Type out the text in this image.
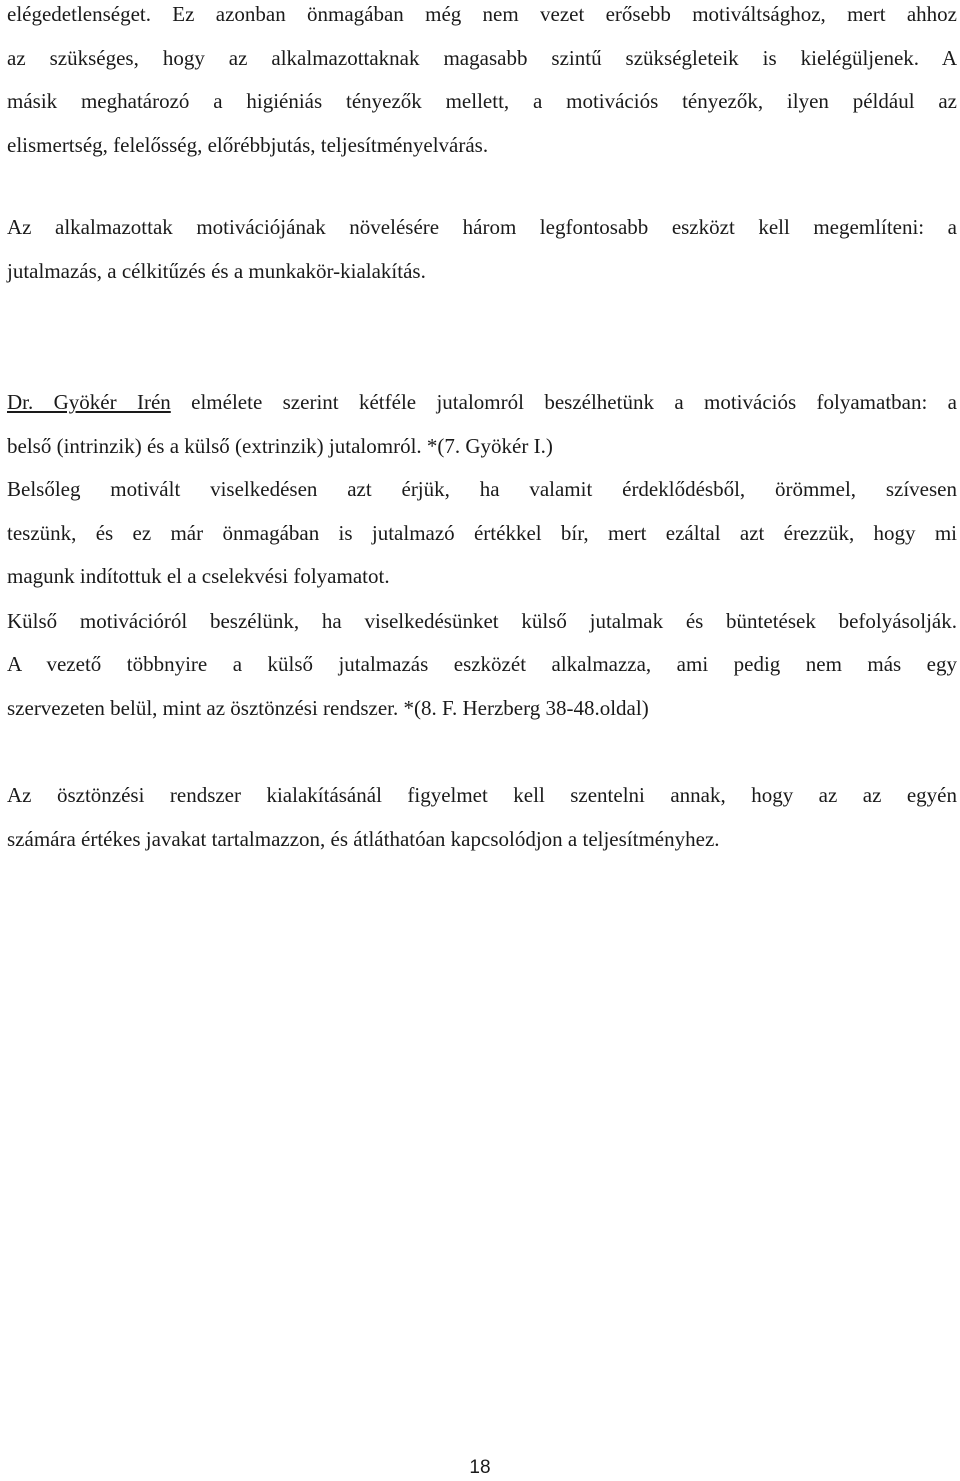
elégedetlenséget. Ez azonban önmagában még nem vezet erősebb motiváltsághoz, mert ahhoz

az szükséges, hogy az alkalmazottaknak magasabb szintű szükségleteik is kielégüljenek. A

másik meghatározó a higiéniás tényezők mellett, a motivációs tényezők, ilyen például az

elismertség, felelősség, előrébbjutás, teljesítményelvárás.

Az alkalmazottak motivációjának növelésére három legfontosabb eszközt kell megemlíteni: a

jutalmazás, a célkitűzés és a munkakör-kialakítás.

Dr. Gyökér Irén elmélete szerint kétféle jutalomról beszélhetünk a motivációs folyamatban: a

belső (intrinzik) és a külső (extrinzik) jutalomról. *(7. Gyökér I.)

Belsőleg motivált viselkedésen azt érjük, ha valamit érdeklődésből, örömmel, szívesen

teszünk, és ez már önmagában is jutalmazó értékkel bír, mert ezáltal azt érezzük, hogy mi

magunk indítottuk el a cselekvési folyamatot.

Külső motivációról beszélünk, ha viselkedésünket külső jutalmak és büntetések befolyásolják.

A vezető többnyire a külső jutalmazás eszközét alkalmazza, ami pedig nem más egy

szervezeten belül, mint az ösztönzési rendszer. *(8. F. Herzberg 38-48.oldal)

Az ösztönzési rendszer kialakításánál figyelmet kell szentelni annak, hogy az az egyén

számára értékes javakat tartalmazzon, és átláthatóan kapcsolódjon a teljesítményhez.

18
